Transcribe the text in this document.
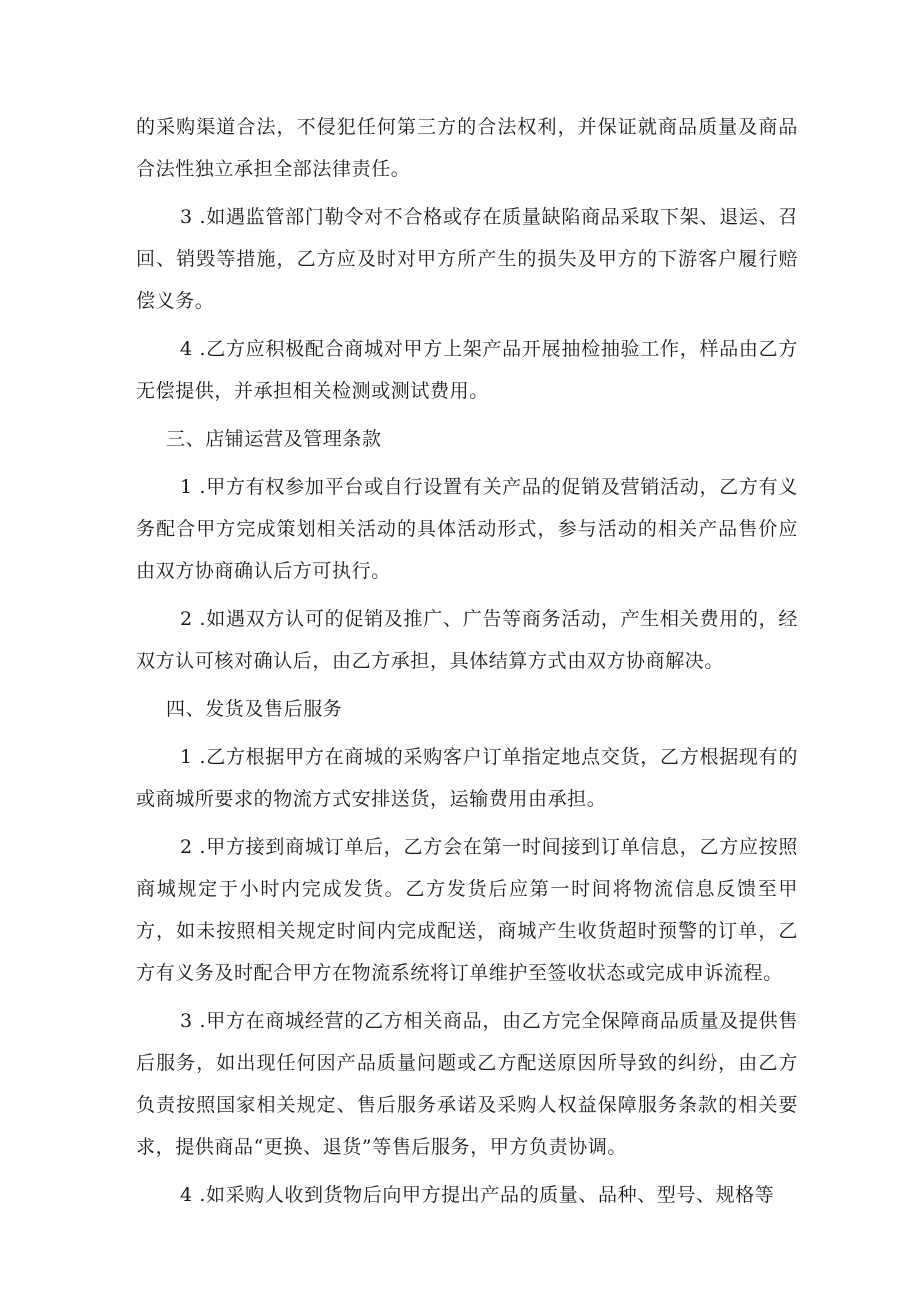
的采购渠道合法，不侵犯任何第三方的合法权利，并保证就商品质量及商品合法性独立承担全部法律责任。

3 .如遇监管部门勒令对不合格或存在质量缺陷商品采取下架、退运、召回、销毁等措施，乙方应及时对甲方所产生的损失及甲方的下游客户履行赔偿义务。

4 .乙方应积极配合商城对甲方上架产品开展抽检抽验工作，样品由乙方无偿提供，并承担相关检测或测试费用。

三、店铺运营及管理条款

1 .甲方有权参加平台或自行设置有关产品的促销及营销活动，乙方有义务配合甲方完成策划相关活动的具体活动形式，参与活动的相关产品售价应由双方协商确认后方可执行。

2 .如遇双方认可的促销及推广、广告等商务活动，产生相关费用的，经双方认可核对确认后，由乙方承担，具体结算方式由双方协商解决。

四、发货及售后服务

1 .乙方根据甲方在商城的采购客户订单指定地点交货，乙方根据现有的或商城所要求的物流方式安排送货，运输费用由承担。

2 .甲方接到商城订单后，乙方会在第一时间接到订单信息，乙方应按照商城规定于小时内完成发货。乙方发货后应第一时间将物流信息反馈至甲方，如未按照相关规定时间内完成配送，商城产生收货超时预警的订单，乙方有义务及时配合甲方在物流系统将订单维护至签收状态或完成申诉流程。

3 .甲方在商城经营的乙方相关商品，由乙方完全保障商品质量及提供售后服务，如出现任何因产品质量问题或乙方配送原因所导致的纠纷，由乙方负责按照国家相关规定、售后服务承诺及采购人权益保障服务条款的相关要求，提供商品“更换、退货”等售后服务，甲方负责协调。

4 .如采购人收到货物后向甲方提出产品的质量、品种、型号、规格等
